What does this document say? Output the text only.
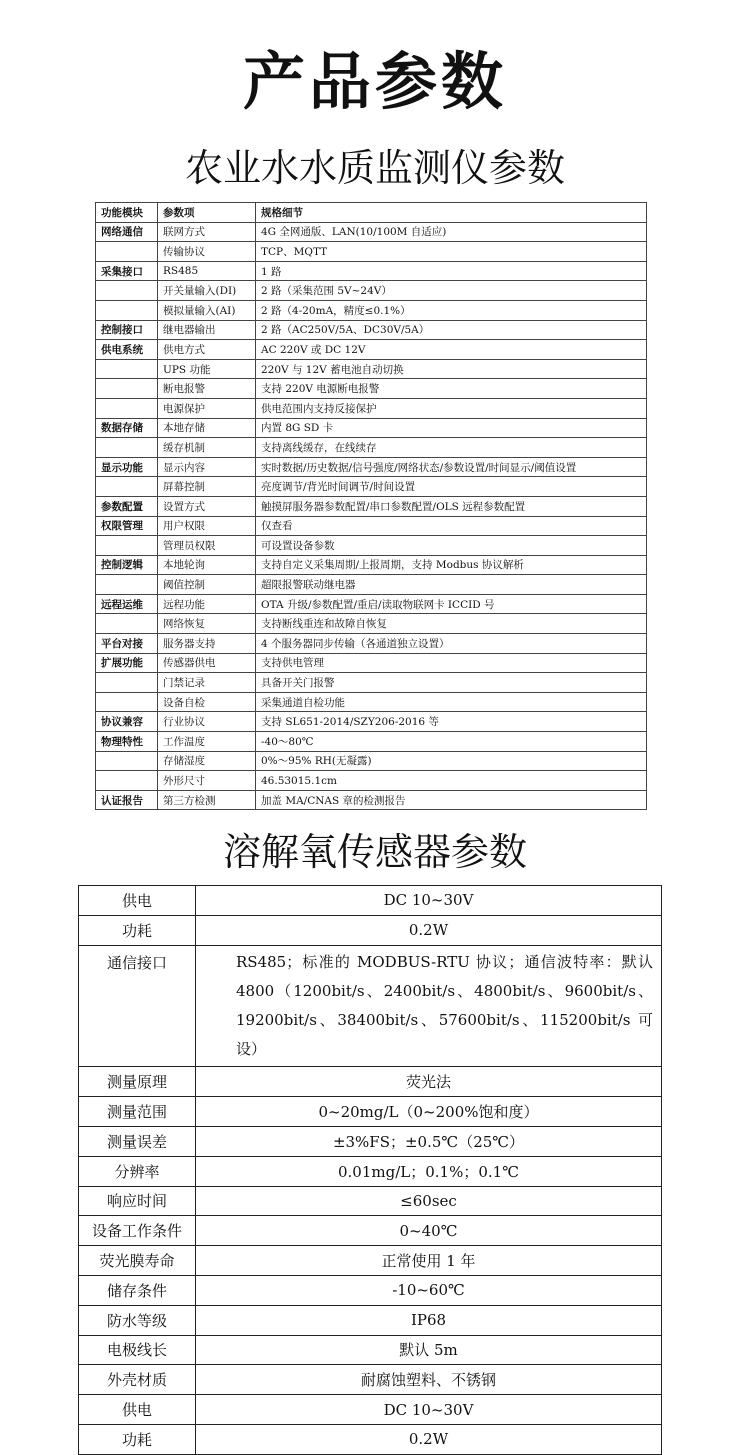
产品参数
农业水水质监测仪参数
功能模块	参数项	规格细节
网络通信	联网方式	4G 全网通版、LAN(10/100M 自适应)
	传输协议	TCP、MQTT
采集接口	RS485	1 路
	开关量输入(DI)	2 路（采集范围 5V~24V）
	模拟量输入(AI)	2 路（4-20mA，精度≤0.1%）
控制接口	继电器输出	2 路（AC250V/5A、DC30V/5A）
供电系统	供电方式	AC 220V 或 DC 12V
	UPS 功能	220V 与 12V 蓄电池自动切换
	断电报警	支持 220V 电源断电报警
	电源保护	供电范围内支持反接保护
数据存储	本地存储	内置 8G SD 卡
	缓存机制	支持离线缓存，在线续存
显示功能	显示内容	实时数据/历史数据/信号强度/网络状态/参数设置/时间显示/阈值设置
	屏幕控制	亮度调节/背光时间调节/时间设置
参数配置	设置方式	触摸屏服务器参数配置/串口参数配置/OLS 远程参数配置
权限管理	用户权限	仅查看
	管理员权限	可设置设备参数
控制逻辑	本地轮询	支持自定义采集周期/上报周期，支持 Modbus 协议解析
	阈值控制	超限报警联动继电器
远程运维	远程功能	OTA 升级/参数配置/重启/读取物联网卡 ICCID 号
	网络恢复	支持断线重连和故障自恢复
平台对接	服务器支持	4 个服务器同步传输（各通道独立设置）
扩展功能	传感器供电	支持供电管理
	门禁记录	具备开关门报警
	设备自检	采集通道自检功能
协议兼容	行业协议	支持 SL651-2014/SZY206-2016 等
物理特性	工作温度	-40～80℃
	存储湿度	0%～95% RH(无凝露)
	外形尺寸	46.53015.1cm
认证报告	第三方检测	加盖 MA/CNAS 章的检测报告
溶解氧传感器参数
供电	DC 10~30V
功耗	0.2W
通信接口	RS485；标准的 MODBUS-RTU 协议；通信波特率：默认 4800（1200bit/s、2400bit/s、4800bit/s、9600bit/s、19200bit/s、38400bit/s、57600bit/s、115200bit/s 可设）
测量原理	荧光法
测量范围	0~20mg/L（0~200%饱和度）
测量误差	±3%FS；±0.5℃（25℃）
分辨率	0.01mg/L；0.1%；0.1℃
响应时间	≤60sec
设备工作条件	0~40℃
荧光膜寿命	正常使用 1 年
储存条件	-10~60℃
防水等级	IP68
电极线长	默认 5m
外壳材质	耐腐蚀塑料、不锈钢
供电	DC 10~30V
功耗	0.2W
